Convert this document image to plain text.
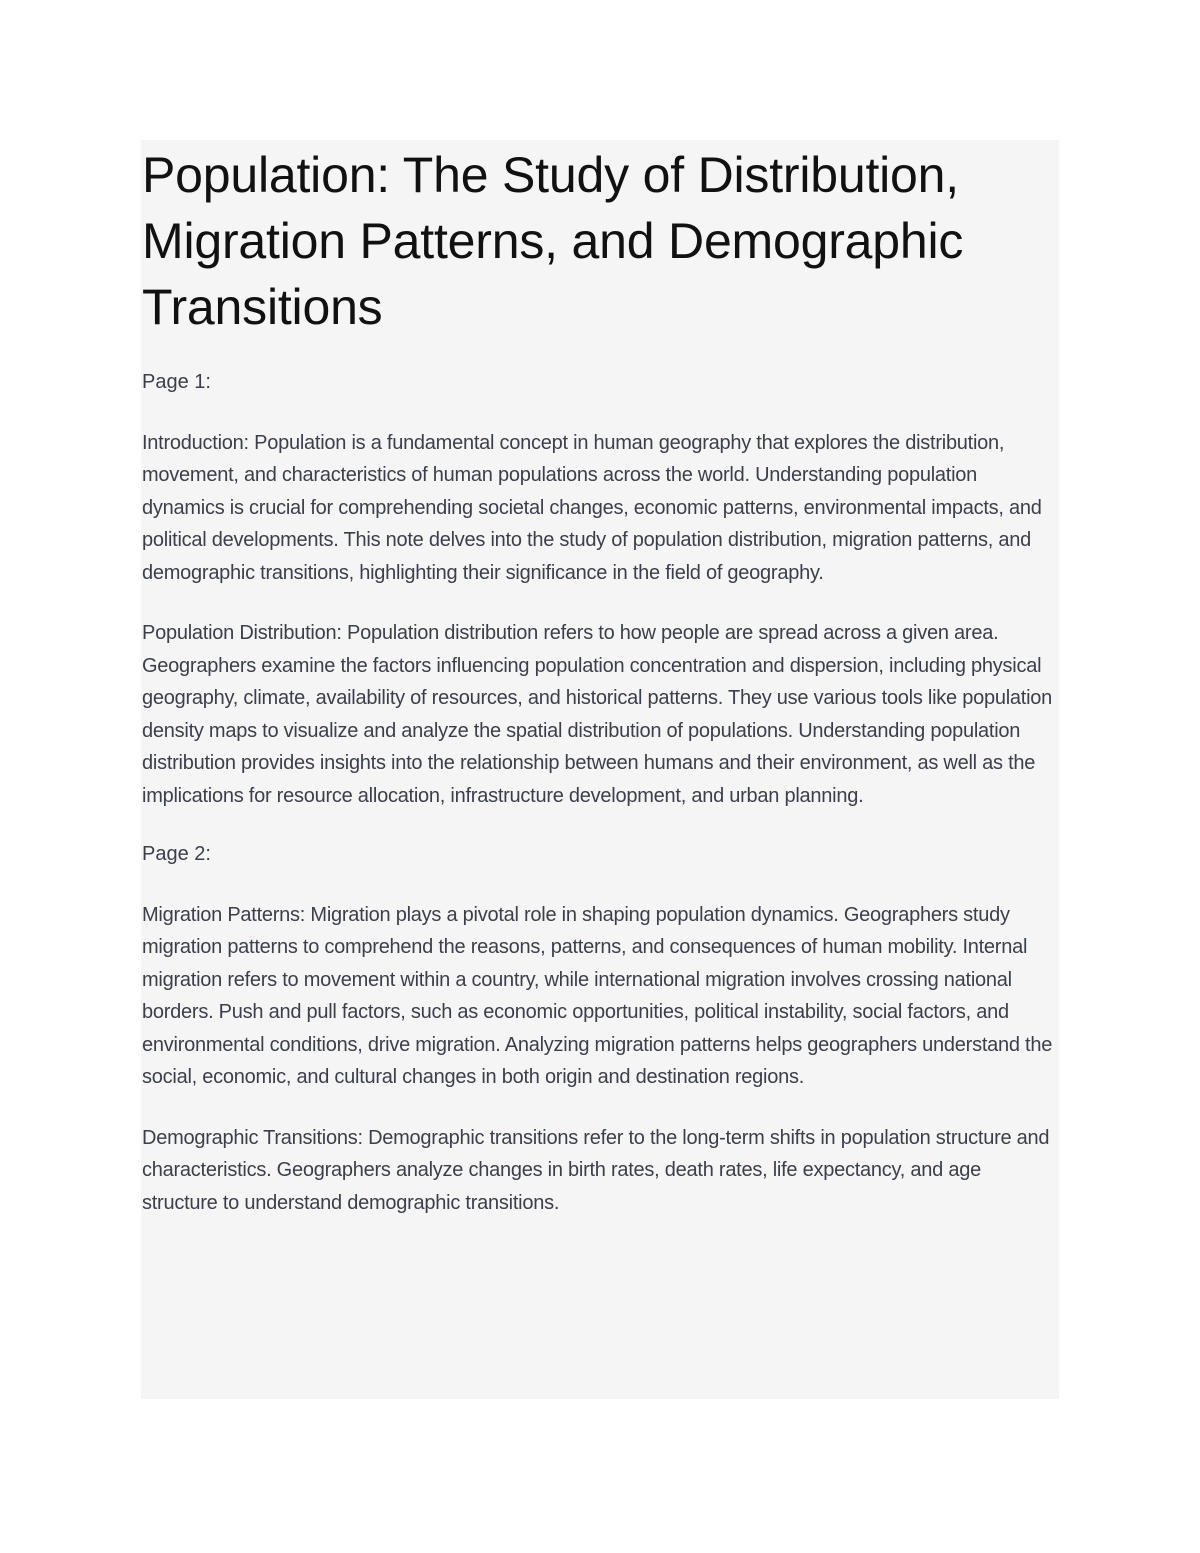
Population: The Study of Distribution, Migration Patterns, and Demographic Transitions

Page 1:

Introduction: Population is a fundamental concept in human geography that explores the distribution, movement, and characteristics of human populations across the world. Understanding population dynamics is crucial for comprehending societal changes, economic patterns, environmental impacts, and political developments. This note delves into the study of population distribution, migration patterns, and demographic transitions, highlighting their significance in the field of geography.

Population Distribution: Population distribution refers to how people are spread across a given area. Geographers examine the factors influencing population concentration and dispersion, including physical geography, climate, availability of resources, and historical patterns. They use various tools like population density maps to visualize and analyze the spatial distribution of populations. Understanding population distribution provides insights into the relationship between humans and their environment, as well as the implications for resource allocation, infrastructure development, and urban planning.

Page 2:

Migration Patterns: Migration plays a pivotal role in shaping population dynamics. Geographers study migration patterns to comprehend the reasons, patterns, and consequences of human mobility. Internal migration refers to movement within a country, while international migration involves crossing national borders. Push and pull factors, such as economic opportunities, political instability, social factors, and environmental conditions, drive migration. Analyzing migration patterns helps geographers understand the social, economic, and cultural changes in both origin and destination regions.

Demographic Transitions: Demographic transitions refer to the long-term shifts in population structure and characteristics. Geographers analyze changes in birth rates, death rates, life expectancy, and age structure to understand demographic transitions.
